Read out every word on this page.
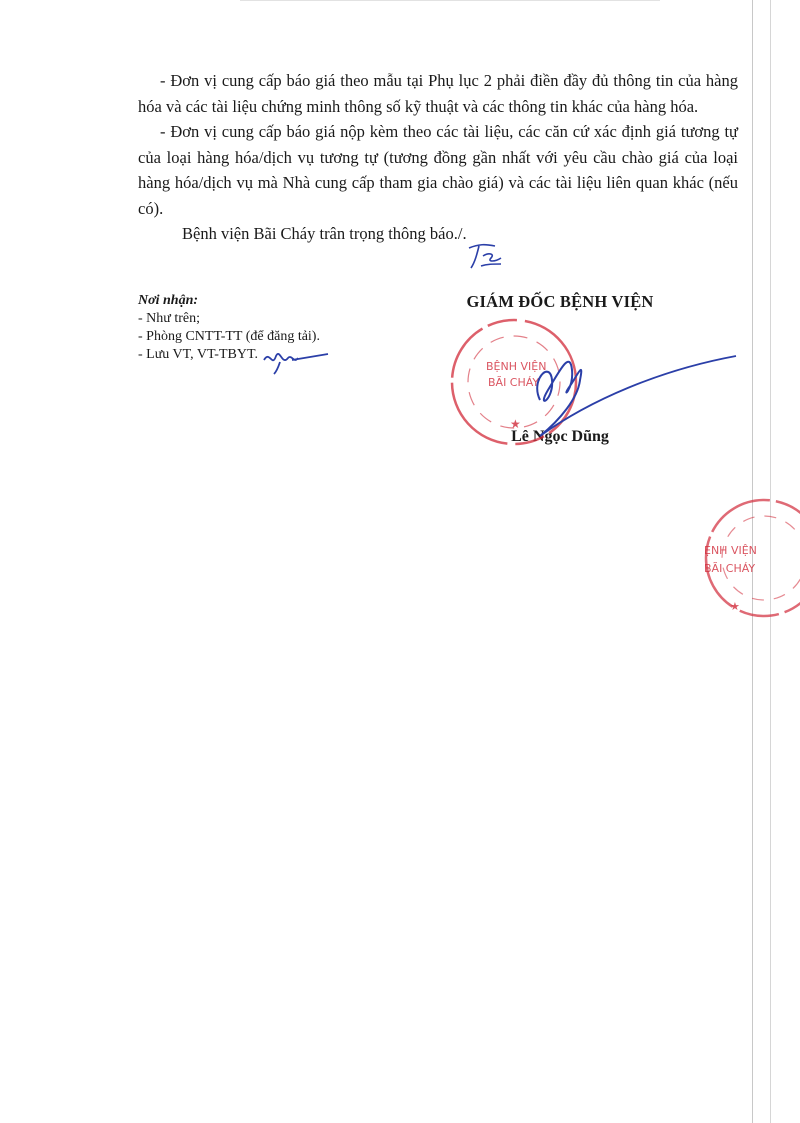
- Đơn vị cung cấp báo giá theo mẫu tại Phụ lục 2 phải điền đầy đủ thông tin của hàng hóa và các tài liệu chứng minh thông số kỹ thuật và các thông tin khác của hàng hóa.

- Đơn vị cung cấp báo giá nộp kèm theo các tài liệu, các căn cứ xác định giá tương tự của loại hàng hóa/dịch vụ tương tự (tương đồng gần nhất với yêu cầu chào giá của loại hàng hóa/dịch vụ mà Nhà cung cấp tham gia chào giá) và các tài liệu liên quan khác (nếu có).

Bệnh viện Bãi Cháy trân trọng thông báo./.

Nơi nhận:
- Như trên;
- Phòng CNTT-TT (để đăng tải).
- Lưu VT, VT-TBYT.
GIÁM ĐỐC BỆNH VIỆN
Lê Ngọc Dũng
BỆNH VIỆN
BÃI CHÁY
★
ẸNH VIỆN
BÃI CHÁY
★
